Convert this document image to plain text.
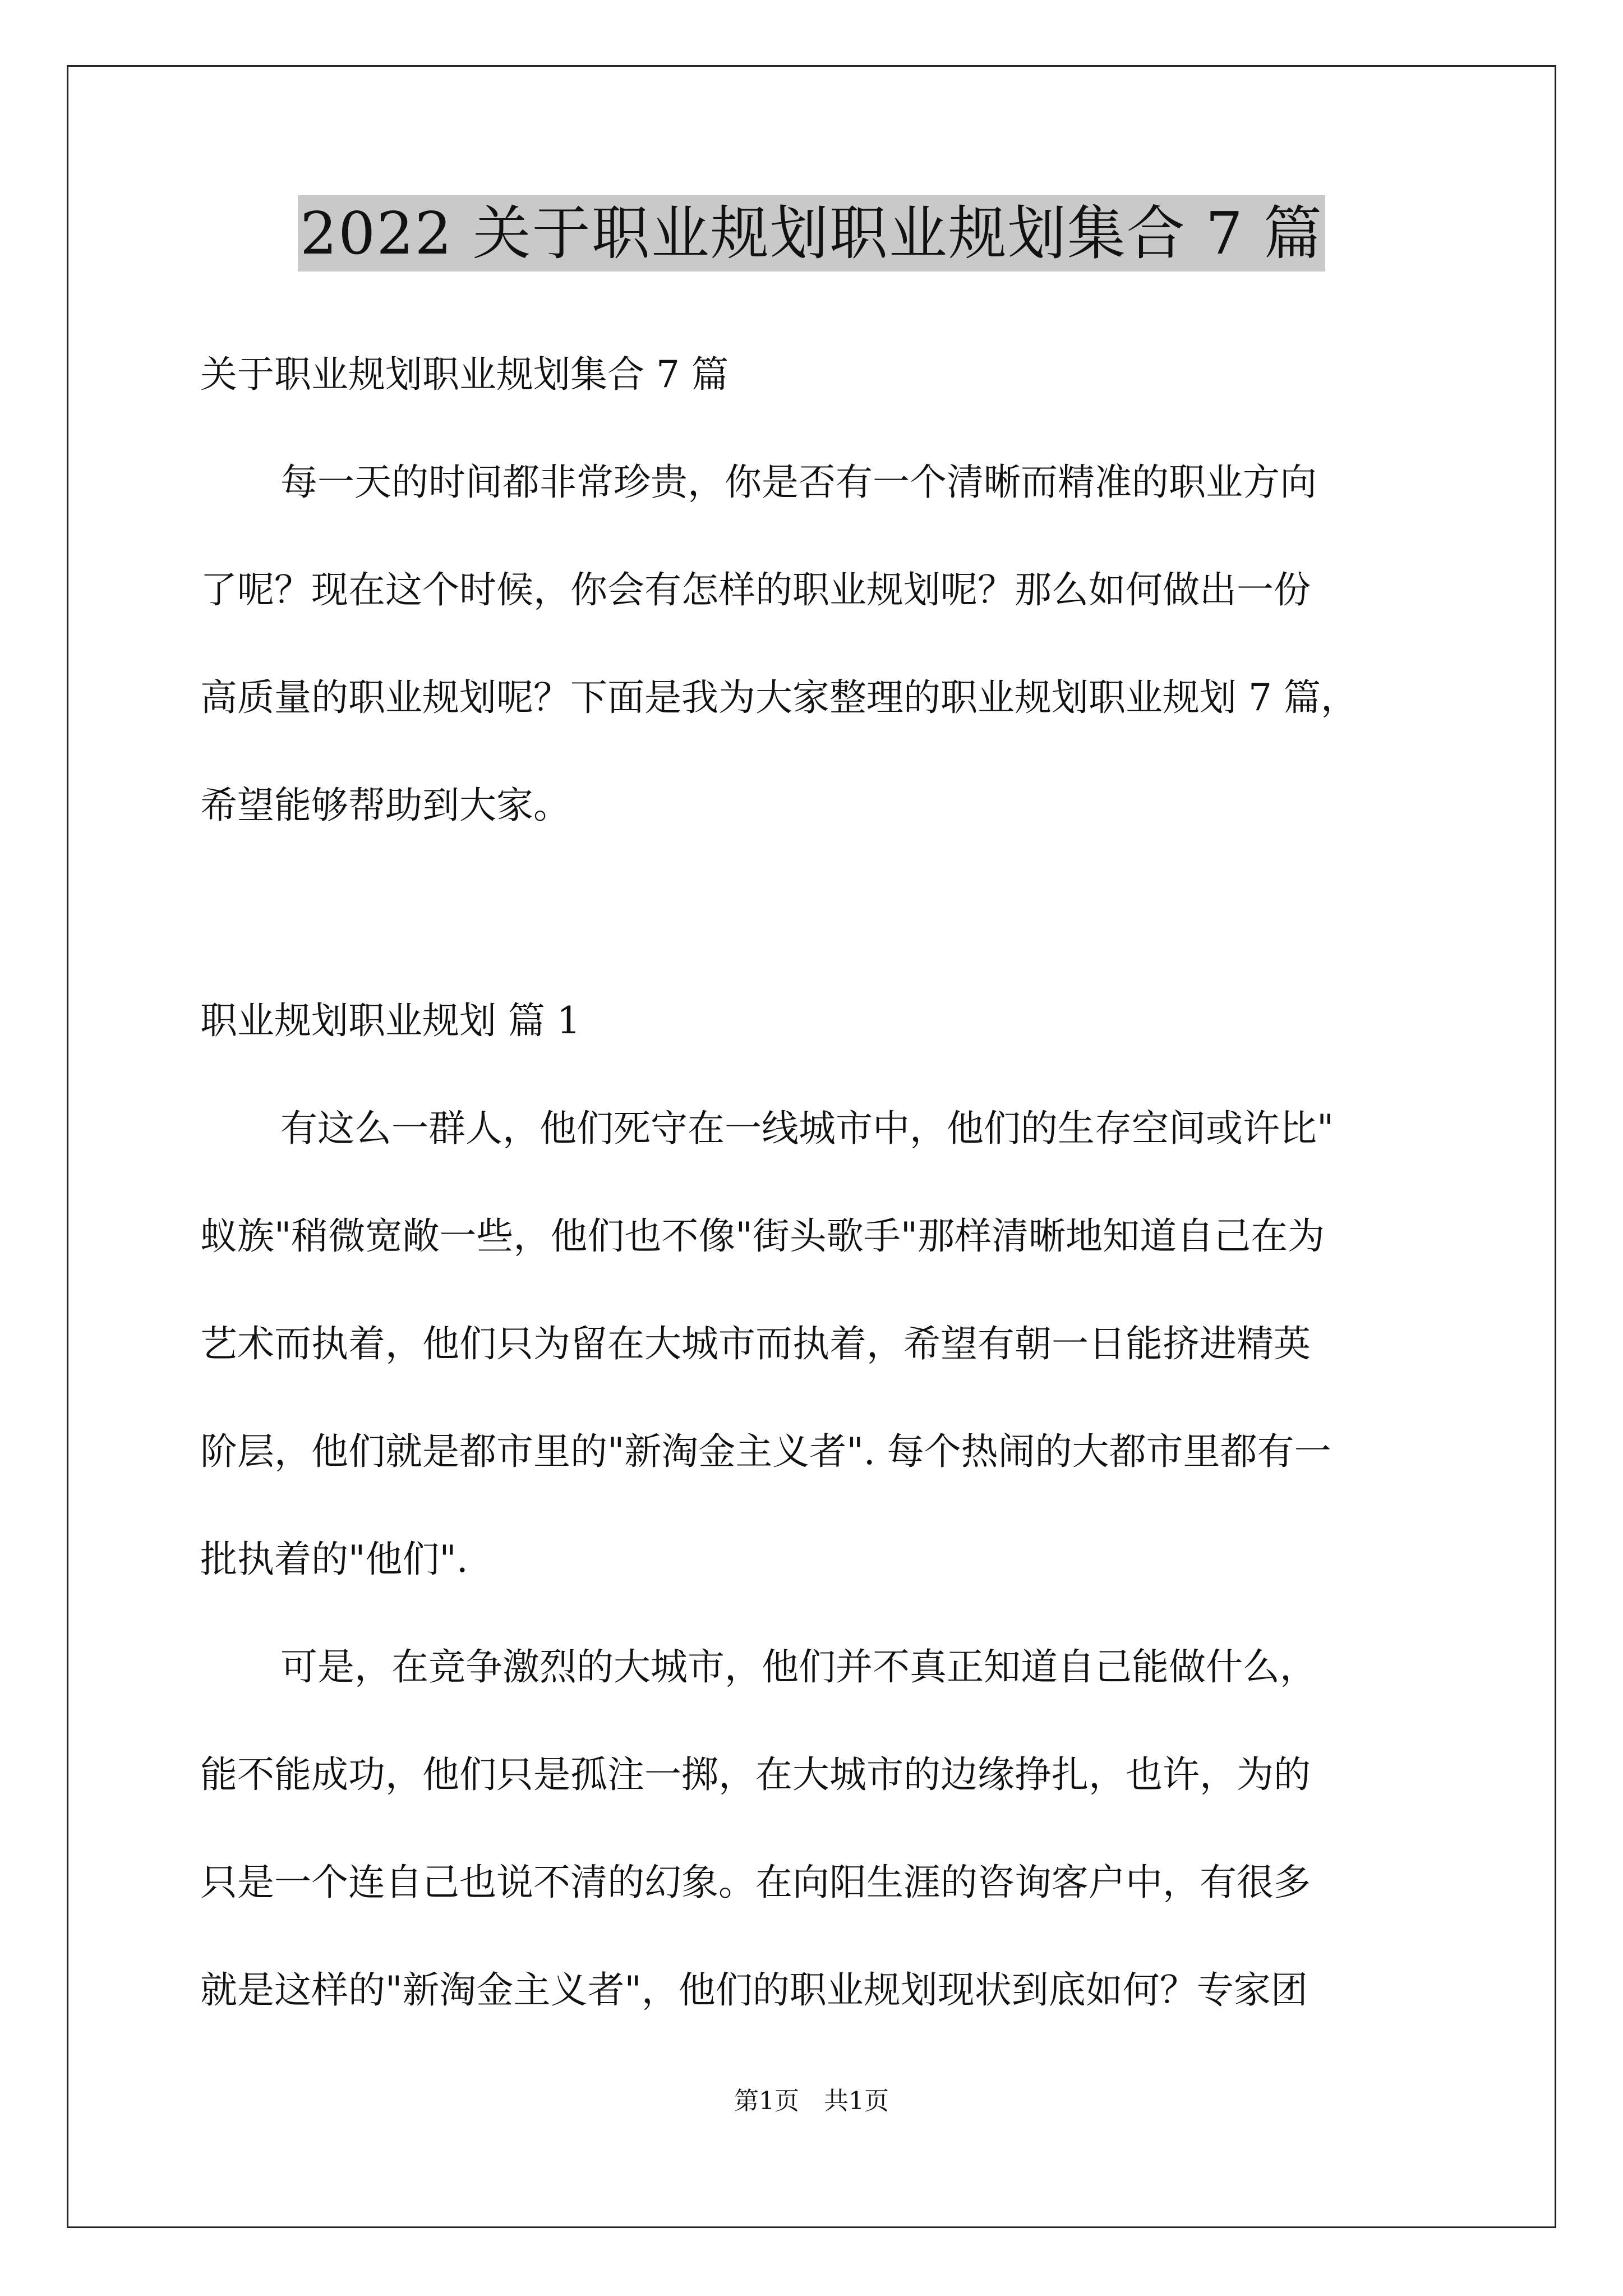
2022 关于职业规划职业规划集合 7 篇
关于职业规划职业规划集合 7 篇
每一天的时间都非常珍贵，你是否有一个清晰而精准的职业方向
了呢？现在这个时候，你会有怎样的职业规划呢？那么如何做出一份
高质量的职业规划呢？下面是我为大家整理的职业规划职业规划 7 篇，
希望能够帮助到大家。
职业规划职业规划 篇 1
有这么一群人，他们死守在一线城市中，他们的生存空间或许比"
蚁族"稍微宽敞一些，他们也不像"街头歌手"那样清晰地知道自己在为
艺术而执着，他们只为留在大城市而执着，希望有朝一日能挤进精英
阶层，他们就是都市里的"新淘金主义者". 每个热闹的大都市里都有一
批执着的"他们".
可是，在竞争激烈的大城市，他们并不真正知道自己能做什么，
能不能成功，他们只是孤注一掷，在大城市的边缘挣扎，也许，为的
只是一个连自己也说不清的幻象。在向阳生涯的咨询客户中，有很多
就是这样的"新淘金主义者"，他们的职业规划现状到底如何？专家团
第1页　共1页
